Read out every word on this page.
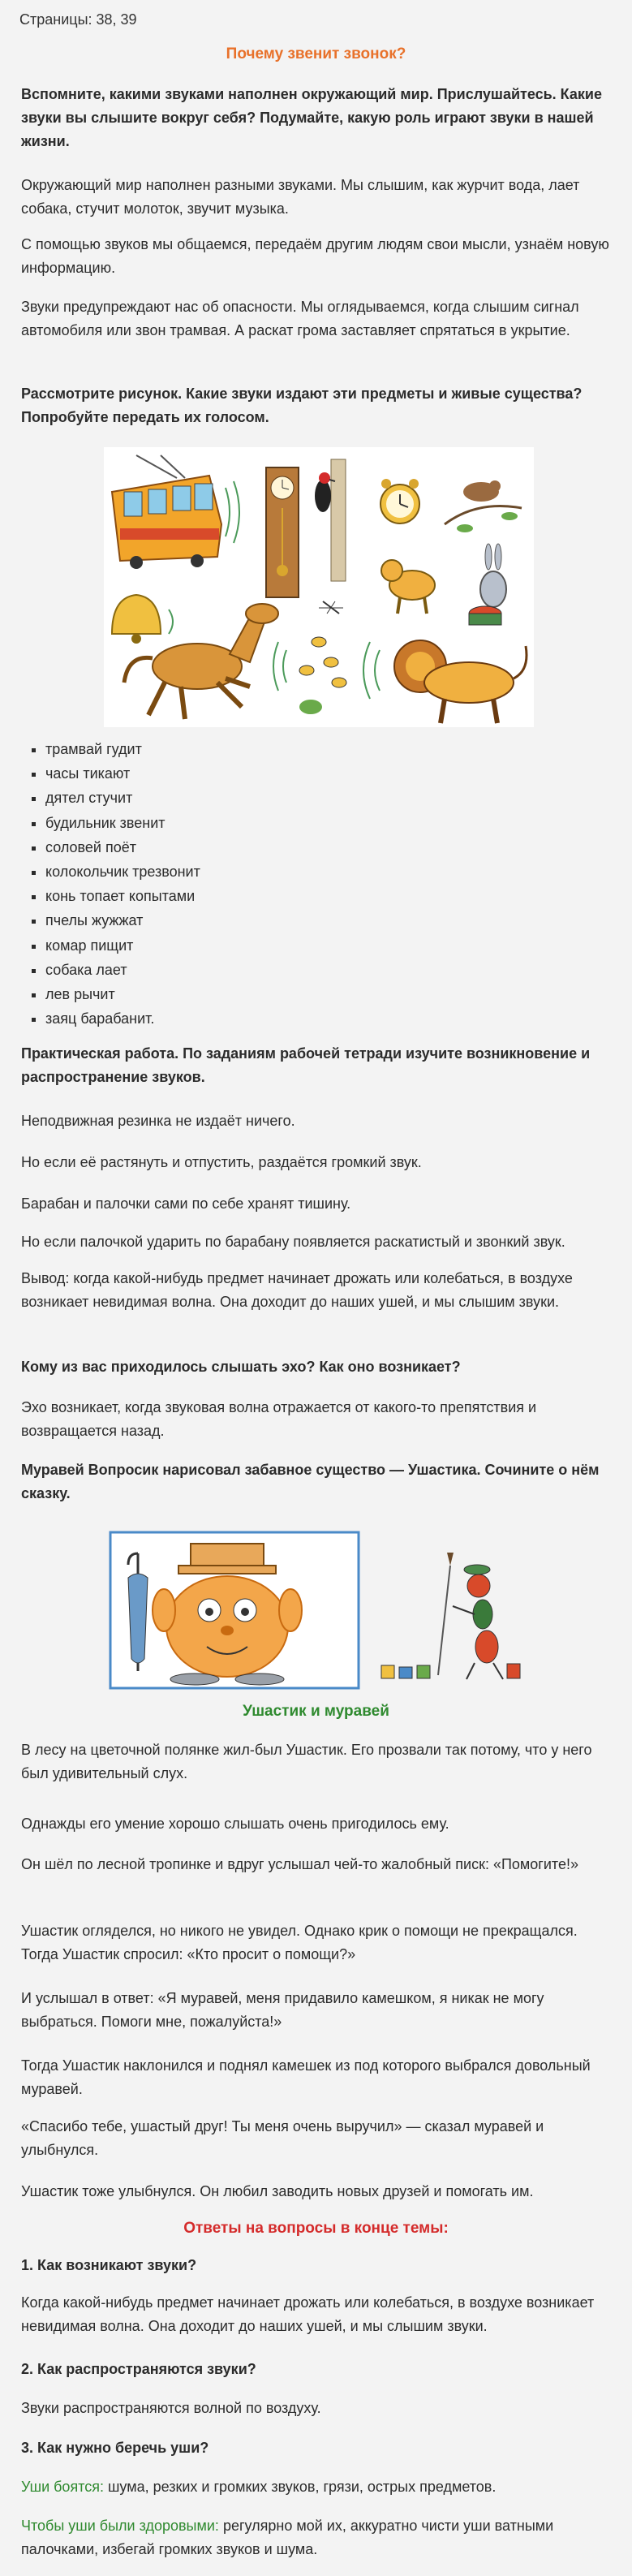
Страницы: 38, 39
Почему звенит звонок?
Вспомните, какими звуками наполнен окружающий мир. Прислушайтесь. Какие звуки вы слышите вокруг себя? Подумайте, какую роль играют звуки в нашей жизни.
Окружающий мир наполнен разными звуками. Мы слышим, как журчит вода, лает собака, стучит молоток, звучит музыка.
С помощью звуков мы общаемся, передаём другим людям свои мысли, узнаём новую информацию.
Звуки предупреждают нас об опасности. Мы оглядываемся, когда слышим сигнал автомобиля или звон трамвая. А раскат грома заставляет спрятаться в укрытие.
Рассмотрите рисунок. Какие звуки издают эти предметы и живые существа? Попробуйте передать их голосом.
▪ трамвай гудит
▪ часы тикают
▪ дятел стучит
▪ будильник звенит
▪ соловей поёт
▪ колокольчик трезвонит
▪ конь топает копытами
▪ пчелы жужжат
▪ комар пищит
▪ собака лает
▪ лев рычит
▪ заяц барабанит.
Практическая работа. По заданиям рабочей тетради изучите возникновение и распространение звуков.
Неподвижная резинка не издаёт ничего.
Но если её растянуть и отпустить, раздаётся громкий звук.
Барабан и палочки сами по себе хранят тишину.
Но если палочкой ударить по барабану появляется раскатистый и звонкий звук.
Вывод: когда какой-нибудь предмет начинает дрожать или колебаться, в воздухе возникает невидимая волна. Она доходит до наших ушей, и мы слышим звуки.
Кому из вас приходилось слышать эхо? Как оно возникает?
Эхо возникает, когда звуковая волна отражается от какого-то препятствия и возвращается назад.
Муравей Вопросик нарисовал забавное существо — Ушастика. Сочините о нём сказку.
Ушастик и муравей
В лесу на цветочной полянке жил-был Ушастик. Его прозвали так потому, что у него был удивительный слух.
Однажды его умение хорошо слышать очень пригодилось ему.
Он шёл по лесной тропинке и вдруг услышал чей-то жалобный писк: «Помогите!»
Ушастик огляделся, но никого не увидел. Однако крик о помощи не прекращался. Тогда Ушастик спросил: «Кто просит о помощи?»
И услышал в ответ: «Я муравей, меня придавило камешком, я никак не могу выбраться. Помоги мне, пожалуйста!»
Тогда Ушастик наклонился и поднял камешек из под которого выбрался довольный муравей.
«Спасибо тебе, ушастый друг! Ты меня очень выручил» — сказал муравей и улыбнулся.
Ушастик тоже улыбнулся. Он любил заводить новых друзей и помогать им.
Ответы на вопросы в конце темы:
1. Как возникают звуки?
Когда какой-нибудь предмет начинает дрожать или колебаться, в воздухе возникает невидимая волна. Она доходит до наших ушей, и мы слышим звуки.
2. Как распространяются звуки?
Звуки распространяются волной по воздуху.
3. Как нужно беречь уши?
Уши боятся: шума, резких и громких звуков, грязи, острых предметов.
Чтобы уши были здоровыми: регулярно мой их, аккуратно чисти уши ватными палочками, избегай громких звуков и шума.
